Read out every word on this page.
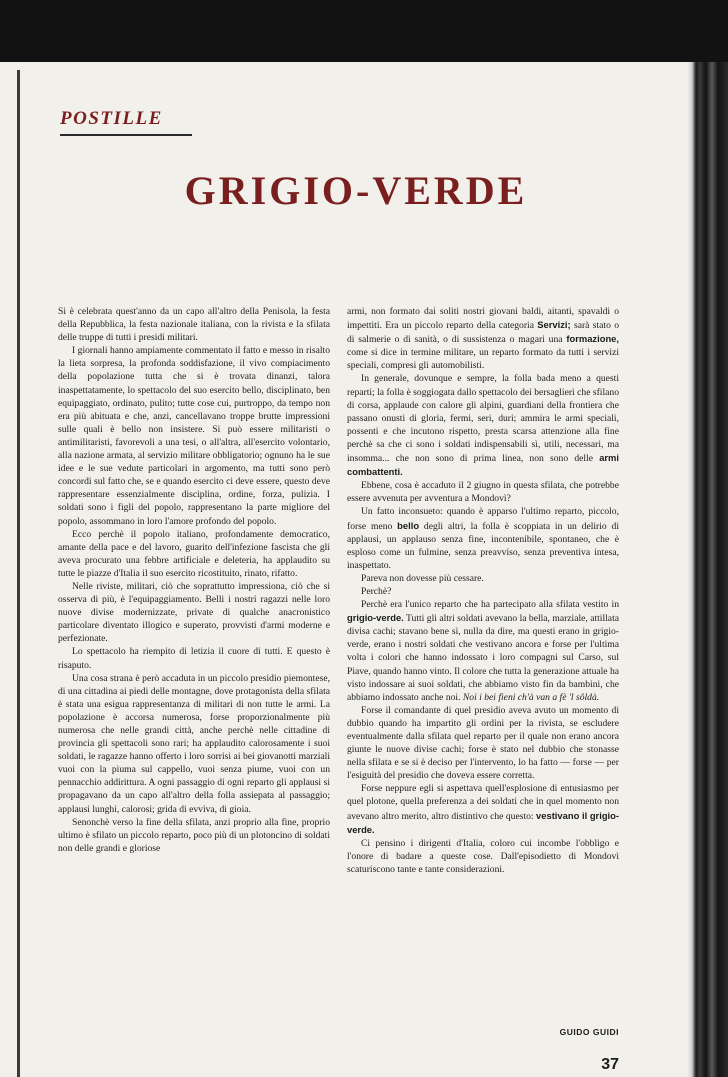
POSTILLE
GRIGIO-VERDE

Si è celebrata quest'anno da un capo all'altro della Penisola, la festa della Repubblica, la festa nazionale italiana, con la rivista e la sfilata delle truppe di tutti i presidi militari.

I giornali hanno ampiamente commentato il fatto e messo in risalto la lieta sorpresa, la profonda soddisfazione, il vivo compiacimento della popolazione tutta che si è trovata dinanzi, talora inaspettatamente, lo spettacolo del suo esercito bello, disciplinato, ben equipaggiato, ordinato, pulito; tutte cose cui, purtroppo, da tempo non era più abituata e che, anzi, cancellavano troppe brutte impressioni sulle quali è bello non insistere. Si può essere militaristi o antimilitaristi, favorevoli a una tesi, o all'altra, all'esercito volontario, alla nazione armata, al servizio militare obbligatorio; ognuno ha le sue idee e le sue vedute particolari in argomento, ma tutti sono però concordi sul fatto che, se e quando esercito ci deve essere, questo deve rappresentare essenzialmente disciplina, ordine, forza, pulizia. I soldati sono i figli del popolo, rappresentano la parte migliore del popolo, assommano in loro l'amore profondo del popolo.

Ecco perchè il popolo italiano, profondamente democratico, amante della pace e del lavoro, guarito dell'infezione fascista che gli aveva procurato una febbre artificiale e deleteria, ha applaudito su tutte le piazze d'Italia il suo esercito ricostituito, rinato, rifatto.

Nelle riviste, militari, ciò che soprattutto impressiona, ciò che si osserva di più, è l'equipaggiamento. Belli i nostri ragazzi nelle loro nuove divise modernizzate, private di qualche anacronistico particolare diventato illogico e superato, provvisti d'armi moderne e perfezionate.

Lo spettacolo ha riempito di letizia il cuore di tutti. E questo è risaputo.

Una cosa strana è però accaduta in un piccolo presidio piemontese, di una cittadina ai piedi delle montagne, dove protagonista della sfilata è stata una esigua rappresentanza di militari di non tutte le armi. La popolazione è accorsa numerosa, forse proporzionalmente più numerosa che nelle grandi città, anche perchè nelle cittadine di provincia gli spettacoli sono rari; ha applaudito calorosamente i suoi soldati, le ragazze hanno offerto i loro sorrisi ai bei giovanotti marziali vuoi con la piuma sul cappello, vuoi senza piume, vuoi con un pennacchio addirittura. A ogni passaggio di ogni reparto gli applausi si propagavano da un capo all'altro della folla assiepata al passaggio; applausi lunghi, calorosi; grida di evviva, di gioia.

Senonchè verso la fine della sfilata, anzi proprio alla fine, proprio ultimo è sfilato un piccolo reparto, poco più di un plotoncino di soldati non delle grandi e gloriose

armi, non formato dai soliti nostri giovani baldi, aitanti, spavaldi o impettiti. Era un piccolo reparto della categoria Servizi; sarà stato o di salmerie o di sanità, o di sussistenza o magari una formazione, come si dice in termine militare, un reparto formato da tutti i servizi speciali, compresi gli automobilisti.

In generale, dovunque e sempre, la folla bada meno a questi reparti; la folla è soggiogata dallo spettacolo dei bersaglieri che sfilano di corsa, applaude con calore gli alpini, guardiani della frontiera che passano onusti di gloria, fermi, seri, duri; ammira le armi speciali, possenti e che incutono rispetto, presta scarsa attenzione alla fine perchè sa che ci sono i soldati indispensabili sì, utili, necessari, ma insomma... che non sono di prima linea, non sono delle armi combattenti.

Ebbene, cosa è accaduto il 2 giugno in questa sfilata, che potrebbe essere avvenuta per avventura a Mondovì?

Un fatto inconsueto: quando è apparso l'ultimo reparto, piccolo, forse meno bello degli altri, la folla è scoppiata in un delirio di applausi, un applauso senza fine, incontenibile, spontaneo, che è esploso come un fulmine, senza preavviso, senza preventiva intesa, inaspettato.

Pareva non dovesse più cessare.

Perchè?

Perchè era l'unico reparto che ha partecipato alla sfilata vestito in grigio-verde. Tutti gli altri soldati avevano la bella, marziale, attillata divisa cachi; stavano bene sì, nulla da dire, ma questi erano in grigio-verde, erano i nostri soldati che vestivano ancora e forse per l'ultima volta i colori che hanno indossato i loro compagni sul Carso, sul Piave, quando hanno vinto. Il colore che tutta la generazione attuale ha visto indossare ai suoi soldati, che abbiamo visto fin da bambini, che abbiamo indossato anche noi. Noi i bei fieni ch'à van a fè 'l sôldà.

Forse il comandante di quel presidio aveva avuto un momento di dubbio quando ha impartito gli ordini per la rivista, se escludere eventualmente dalla sfilata quel reparto per il quale non erano ancora giunte le nuove divise cachi; forse è stato nel dubbio che stonasse nella sfilata e se si è deciso per l'intervento, lo ha fatto — forse — per l'esiguità del presidio che doveva essere corretta.

Forse neppure egli si aspettava quell'esplosione di entusiasmo per quel plotone, quella preferenza a dei soldati che in quel momento non avevano altro merito, altro distintivo che questo: vestivano il grigio-verde.

Ci pensino i dirigenti d'Italia, coloro cui incombe l'obbligo e l'onore di badare a queste cose. Dall'episodietto di Mondovì scaturiscono tante e tante considerazioni.

GUIDO GUIDI
37
